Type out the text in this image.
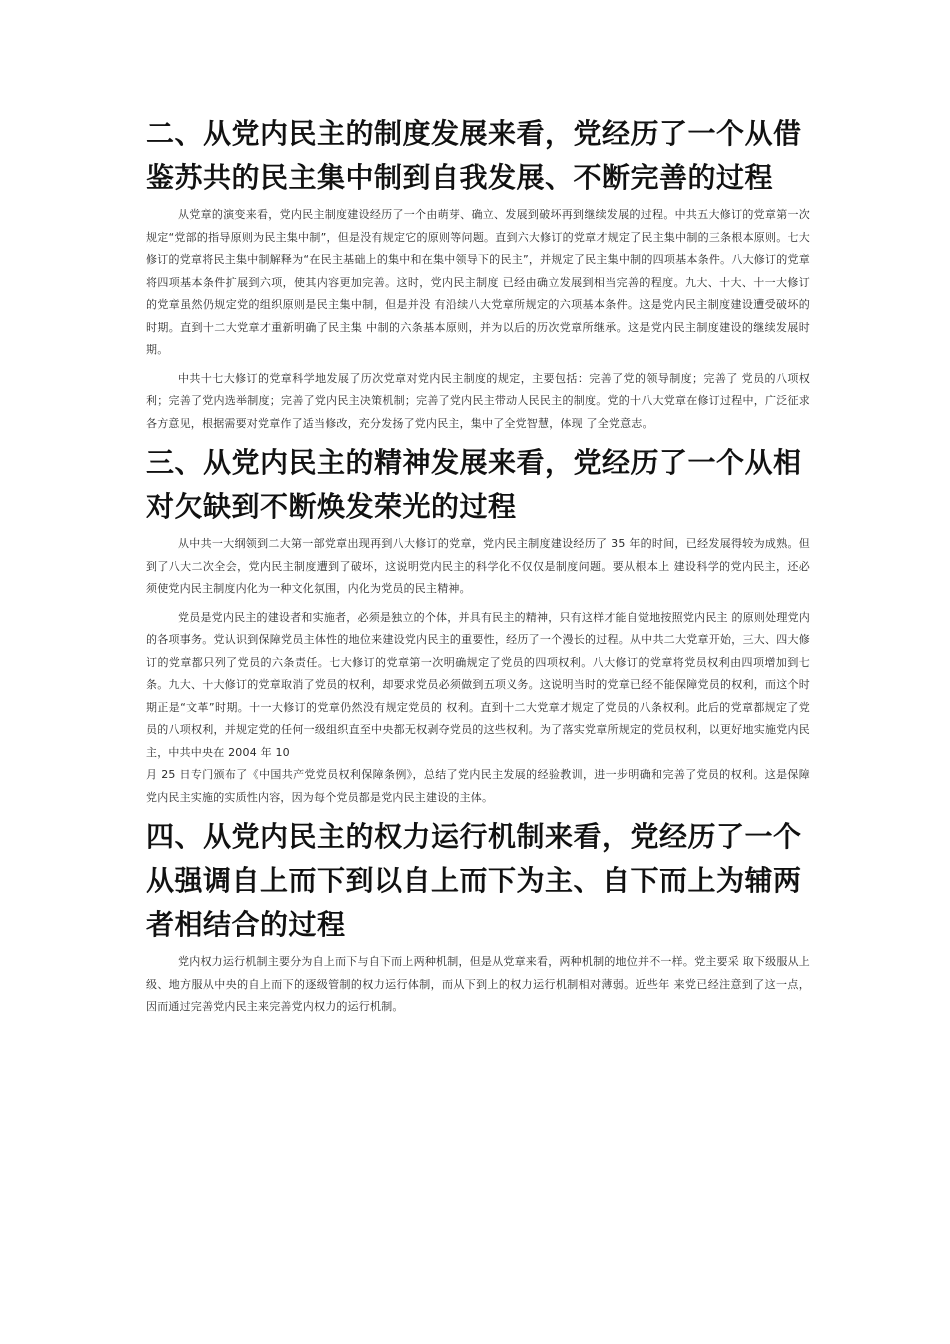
二、从党内民主的制度发展来看，党经历了一个从借鉴苏共的民主集中制到自我发展、不断完善的过程

从党章的演变来看，党内民主制度建设经历了一个由萌芽、确立、发展到破坏再到继续发展的过程。中共五大修订的党章第一次规定“党部的指导原则为民主集中制”，但是没有规定它的原则等问题。直到六大修订的党章才规定了民主集中制的三条根本原则。七大修订的党章将民主集中制解释为“在民主基础上的集中和在集中领导下的民主”，并规定了民主集中制的四项基本条件。八大修订的党章将四项基本条件扩展到六项，使其内容更加完善。这时，党内民主制度 已经由确立发展到相当完善的程度。九大、十大、十一大修订的党章虽然仍规定党的组织原则是民主集中制，但是并没 有沿续八大党章所规定的六项基本条件。这是党内民主制度建设遭受破坏的时期。直到十二大党章才重新明确了民主集 中制的六条基本原则，并为以后的历次党章所继承。这是党内民主制度建设的继续发展时期。

中共十七大修订的党章科学地发展了历次党章对党内民主制度的规定，主要包括：完善了党的领导制度；完善了 党员的八项权利；完善了党内选举制度；完善了党内民主决策机制；完善了党内民主带动人民民主的制度。党的十八大党章在修订过程中，广泛征求各方意见，根据需要对党章作了适当修改，充分发扬了党内民主，集中了全党智慧，体现 了全党意志。

三、从党内民主的精神发展来看，党经历了一个从相对欠缺到不断焕发荣光的过程

从中共一大纲领到二大第一部党章出现再到八大修订的党章，党内民主制度建设经历了 35 年的时间，已经发展得较为成熟。但到了八大二次全会，党内民主制度遭到了破坏，这说明党内民主的科学化不仅仅是制度问题。要从根本上 建设科学的党内民主，还必须使党内民主制度内化为一种文化氛围，内化为党员的民主精神。

党员是党内民主的建设者和实施者，必须是独立的个体，并具有民主的精神，只有这样才能自觉地按照党内民主 的原则处理党内的各项事务。党认识到保障党员主体性的地位来建设党内民主的重要性，经历了一个漫长的过程。从中共二大党章开始，三大、四大修订的党章都只列了党员的六条责任。七大修订的党章第一次明确规定了党员的四项权利。八大修订的党章将党员权利由四项增加到七条。九大、十大修订的党章取消了党员的权利，却要求党员必须做到五项义务。这说明当时的党章已经不能保障党员的权利，而这个时期正是“文革”时期。十一大修订的党章仍然没有规定党员的 权利。直到十二大党章才规定了党员的八条权利。此后的党章都规定了党员的八项权利，并规定党的任何一级组织直至中央都无权剥夺党员的这些权利。为了落实党章所规定的党员权利，以更好地实施党内民主，中共中央在 2004 年 10

月 25 日专门颁布了《中国共产党党员权利保障条例》，总结了党内民主发展的经验教训，进一步明确和完善了党员的权利。这是保障党内民主实施的实质性内容，因为每个党员都是党内民主建设的主体。

四、从党内民主的权力运行机制来看，党经历了一个从强调自上而下到以自上而下为主、自下而上为辅两者相结合的过程

党内权力运行机制主要分为自上而下与自下而上两种机制，但是从党章来看，两种机制的地位并不一样。党主要采 取下级服从上级、地方服从中央的自上而下的逐级管制的权力运行体制，而从下到上的权力运行机制相对薄弱。近些年 来党已经注意到了这一点，因而通过完善党内民主来完善党内权力的运行机制。
